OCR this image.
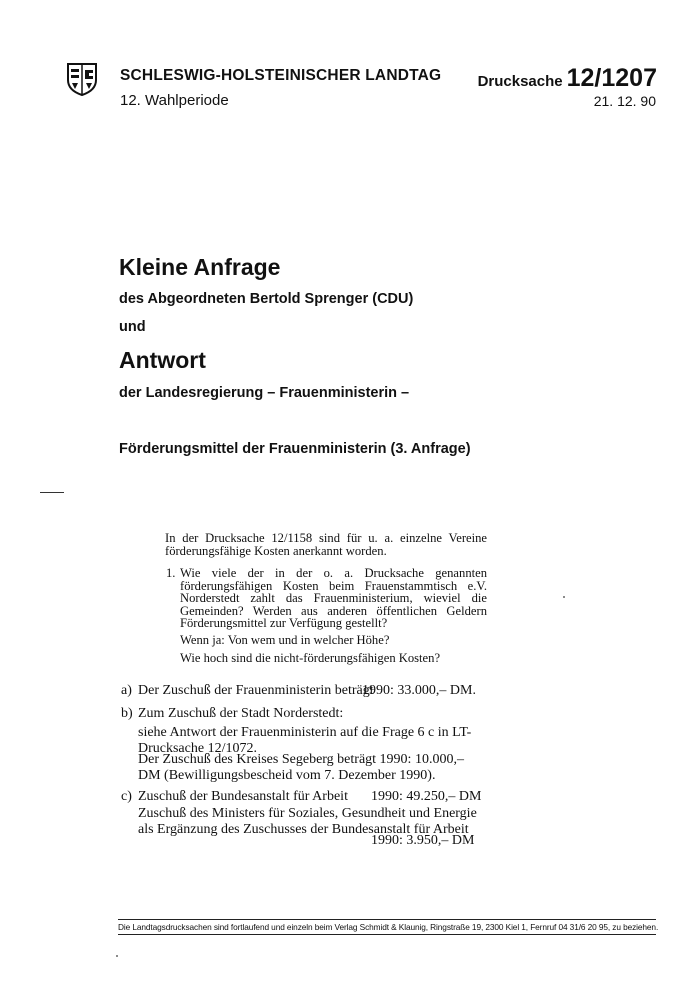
SCHLESWIG-HOLSTEINISCHER LANDTAG
12. Wahlperiode
Drucksache 12/1207
21. 12. 90
Kleine Anfrage
des Abgeordneten Bertold Sprenger (CDU)
und
Antwort
der Landesregierung – Frauenministerin –
Förderungsmittel der Frauenministerin (3. Anfrage)
In der Drucksache 12/1158 sind für u. a. einzelne Vereine förderungsfähige Kosten anerkannt worden.
1. Wie viele der in der o. a. Drucksache genannten förderungsfähigen Kosten beim Frauenstammtisch e.V. Norderstedt zahlt das Frauenministerium, wieviel die Gemeinden? Werden aus anderen öffentlichen Geldern Förderungsmittel zur Verfügung gestellt?
Wenn ja: Von wem und in welcher Höhe?
Wie hoch sind die nicht-förderungsfähigen Kosten?
a) Der Zuschuß der Frauenministerin beträgt
1990: 33.000,– DM.
b) Zum Zuschuß der Stadt Norderstedt:
siehe Antwort der Frauenministerin auf die Frage 6 c in LT-Drucksache 12/1072.
Der Zuschuß des Kreises Segeberg beträgt 1990: 10.000,– DM (Bewilligungsbescheid vom 7. Dezember 1990).
c) Zuschuß der Bundesanstalt für Arbeit 1990: 49.250,– DM
Zuschuß des Ministers für Soziales, Gesundheit und Energie als Ergänzung des Zuschusses der Bundesanstalt für Arbeit
1990: 3.950,– DM
Die Landtagsdrucksachen sind fortlaufend und einzeln beim Verlag Schmidt & Klaunig, Ringstraße 19, 2300 Kiel 1, Fernruf 04 31/6 20 95, zu beziehen.
